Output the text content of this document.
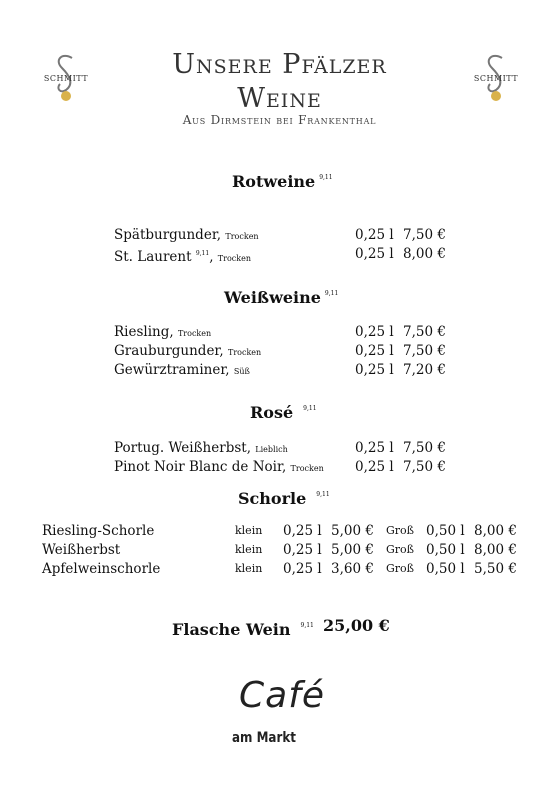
SCHMITT	SCHMITT
Unsere Pfälzer
Weine
Aus Dirmstein bei Frankenthal
Rotweine $^{9,11}$
Spätburgunder, Trocken	0,25 l 7,50 €
St. Laurent $^{9,11}$, Trocken	0,25 l 8,00 €
Weißweine $^{9,11}$
Riesling, Trocken	0,25 l 7,50 €
Grauburgunder, Trocken	0,25 l 7,50 €
Gewürztraminer, Süß	0,25 l 7,20 €
Rosé $^{9,11}$
Portug. Weißherbst, Lieblich	0,25 l 7,50 €
Pinot Noir Blanc de Noir, Trocken 0,25 l 7,50 €
Schorle $^{9,11}$
Riesling-Schorle	klein 0,25 l 5,00 € Groß 0,50 l 8,00 €
Weißherbst	klein 0,25 l 5,00 € Groß 0,50 l 8,00 €
Apfelweinschorle	klein 0,25 l 3,60 € Groß 0,50 l 5,50 €
Flasche Wein $^{9,11}$ 25,00 €
Café
am Markt
